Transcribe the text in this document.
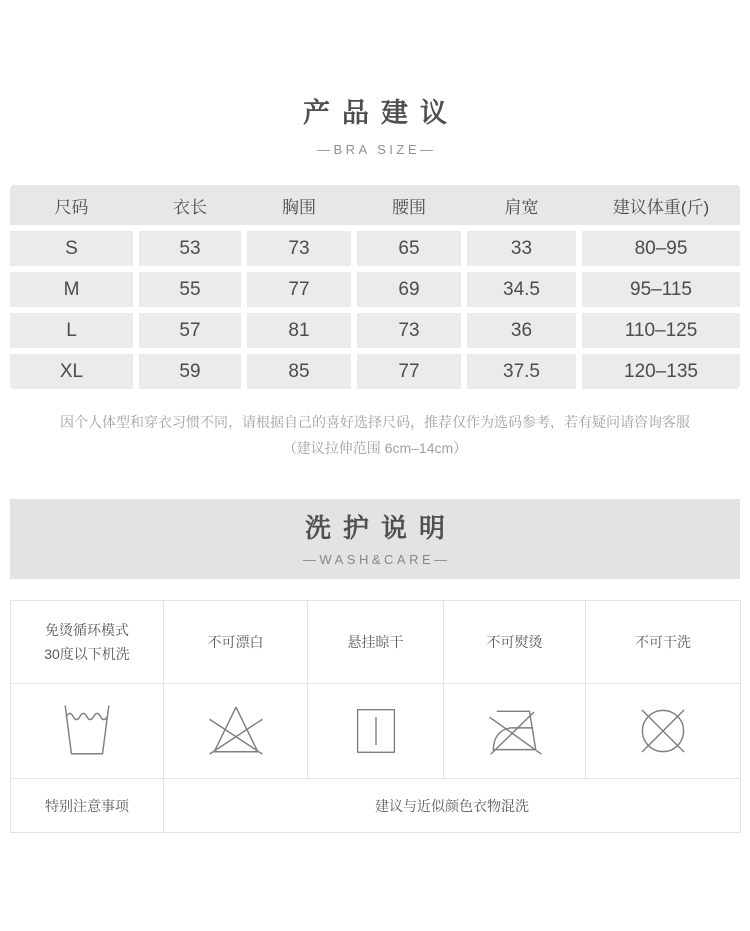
产品建议
—BRA SIZE—
尺码	衣长	胸围	腰围	肩宽	建议体重(斤)
S	53	73	65	33	80–95
M	55	77	69	34.5	95–115
L	57	81	73	36	110–125
XL	59	85	77	37.5	120–135
因个人体型和穿衣习惯不同，请根据自己的喜好选择尺码，推荐仅作为选码参考，若有疑问请咨询客服
（建议拉伸范围 6cm–14cm）
洗护说明
—WASH&CARE—
免烫循环模式
30度以下机洗	不可漂白	悬挂晾干	不可熨烫	不可干洗

特别注意事项	建议与近似颜色衣物混洗			
